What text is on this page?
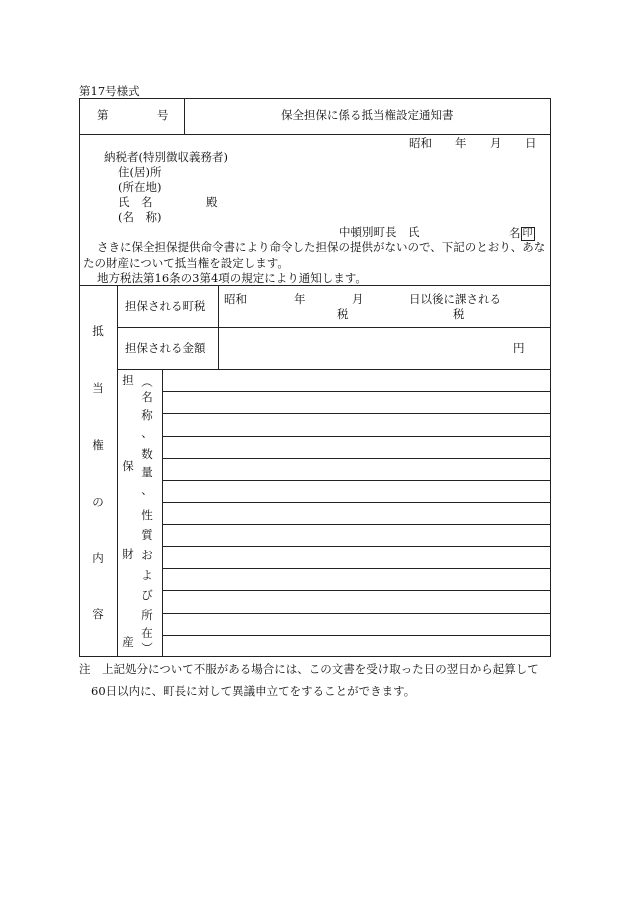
第17号様式
第	号	保全担保に係る抵当権設定通知書
昭和 年 月 日
納税者(特別徴収義務者)
住(居)所
(所在地)
氏　名	殿
(名　称)
中頓別町長　氏	名 印
さきに保全担保提供命令書により命令した担保の提供がないので、下記のとおり、あな
たの財産について抵当権を設定します。
地方税法第16条の3第4項の規定により通知します。
抵
当
権
の
内
容
担保される町税 昭和	年	月	日以後に課される
税	税
担保される金額	円
担
保
財
産
︵
名
称
、
数
量
、
性
質
お
よ
び
所
在
︶
注　上記処分について不服がある場合には、この文書を受け取った日の翌日から起算して
60日以内に、町長に対して異議申立てをすることができます。
